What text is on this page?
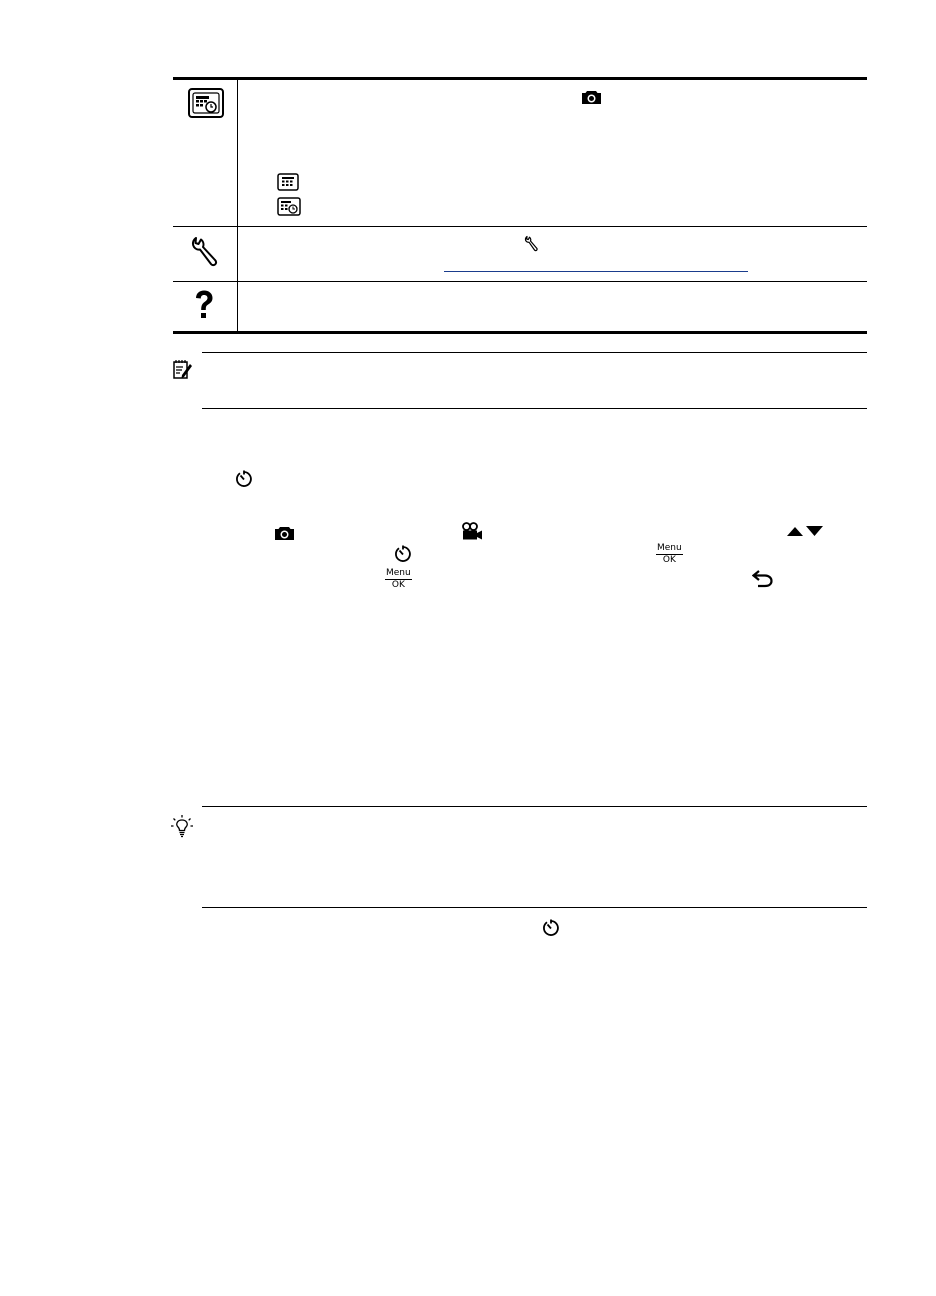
Menu
OK
Menu
OK
